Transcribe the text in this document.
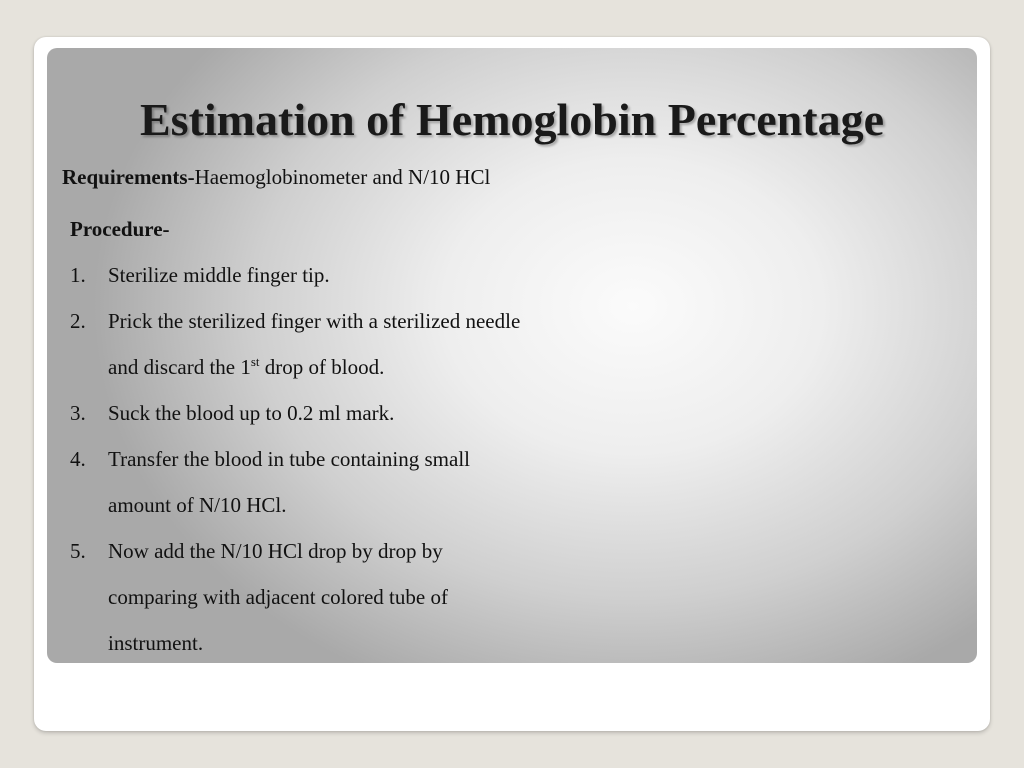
Estimation of Hemoglobin Percentage
Requirements-Haemoglobinometer and N/10 HCl
Procedure-
1. Sterilize middle finger tip.
2. Prick the sterilized finger with a sterilized needle
and discard the 1st drop of blood.
3. Suck the blood up to 0.2 ml mark.
4. Transfer the blood in tube containing small
amount of N/10 HCl.
5. Now add the N/10 HCl drop by drop by
comparing with adjacent colored tube of
instrument.
